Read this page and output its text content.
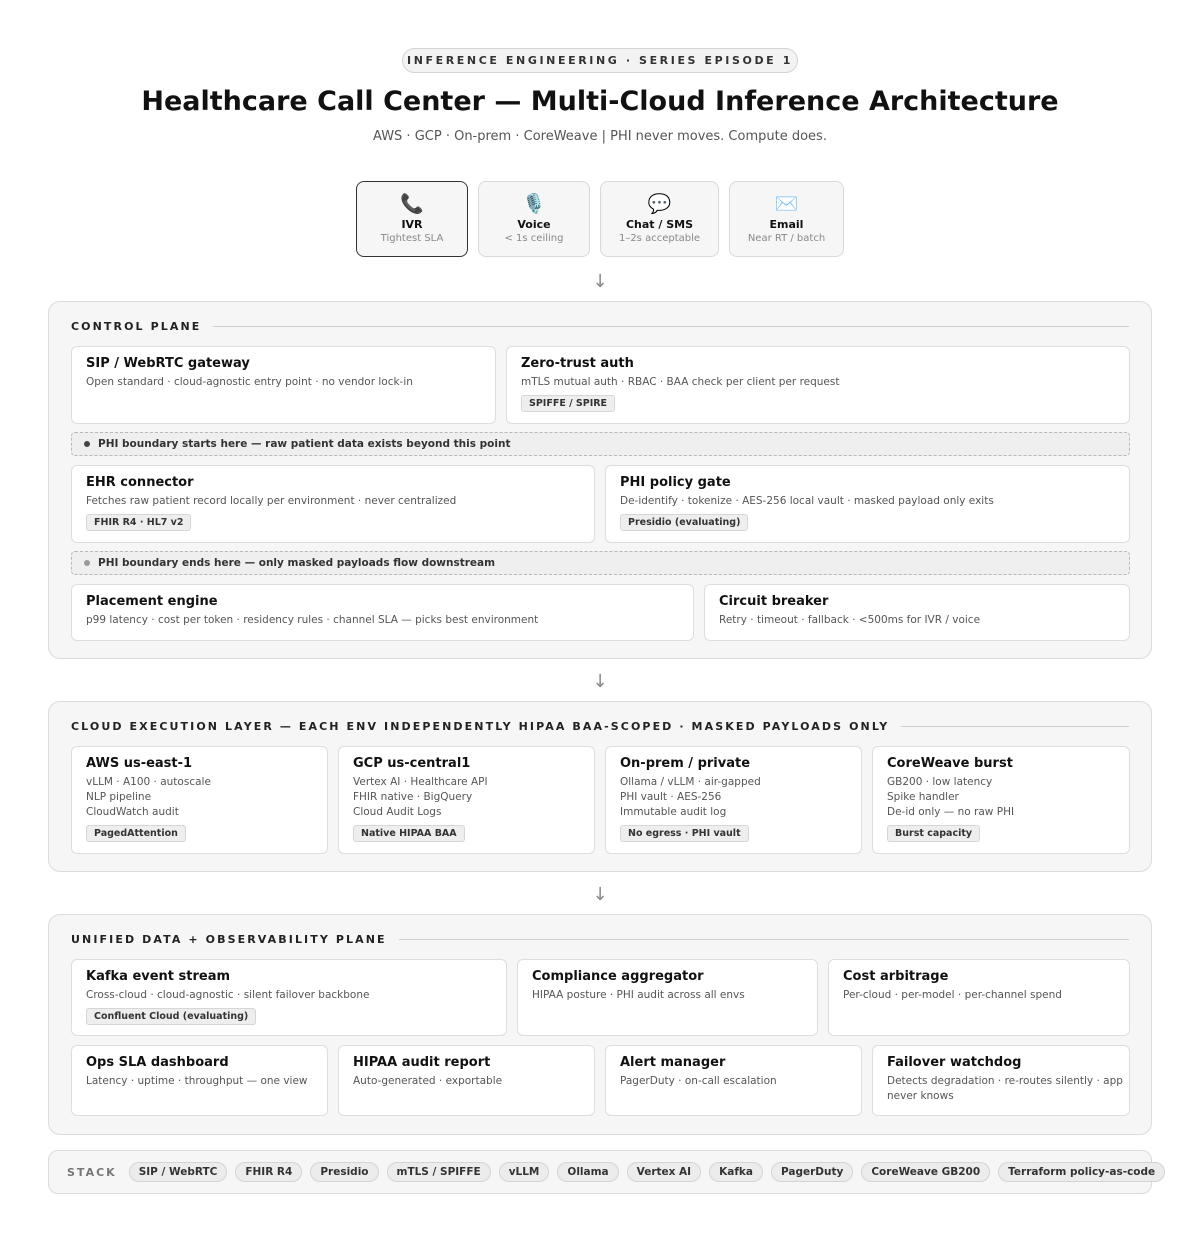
INFERENCE ENGINEERING · SERIES EPISODE 1
Healthcare Call Center — Multi-Cloud Inference Architecture
AWS · GCP · On-prem · CoreWeave | PHI never moves. Compute does.
📞
IVR
Tightest SLA
🎙️
Voice
< 1s ceiling
💬
Chat / SMS
1–2s acceptable
✉️
Email
Near RT / batch
↓
CONTROL PLANE
SIP / WebRTC gateway
Open standard · cloud-agnostic entry point · no vendor lock-in
Zero-trust auth
mTLS mutual auth · RBAC · BAA check per client per request
SPIFFE / SPIRE
PHI boundary starts here — raw patient data exists beyond this point
EHR connector
Fetches raw patient record locally per environment · never centralized
FHIR R4 · HL7 v2
PHI policy gate
De-identify · tokenize · AES-256 local vault · masked payload only exits
Presidio (evaluating)
PHI boundary ends here — only masked payloads flow downstream
Placement engine
p99 latency · cost per token · residency rules · channel SLA — picks best environment
Circuit breaker
Retry · timeout · fallback · <500ms for IVR / voice
↓
CLOUD EXECUTION LAYER — EACH ENV INDEPENDENTLY HIPAA BAA-SCOPED · MASKED PAYLOADS ONLY
AWS us-east-1
vLLM · A100 · autoscale
NLP pipeline
CloudWatch audit
PagedAttention
GCP us-central1
Vertex AI · Healthcare API
FHIR native · BigQuery
Cloud Audit Logs
Native HIPAA BAA
On-prem / private
Ollama / vLLM · air-gapped
PHI vault · AES-256
Immutable audit log
No egress · PHI vault
CoreWeave burst
GB200 · low latency
Spike handler
De-id only — no raw PHI
Burst capacity
↓
UNIFIED DATA + OBSERVABILITY PLANE
Kafka event stream
Cross-cloud · cloud-agnostic · silent failover backbone
Confluent Cloud (evaluating)
Compliance aggregator
HIPAA posture · PHI audit across all envs
Cost arbitrage
Per-cloud · per-model · per-channel spend
Ops SLA dashboard
Latency · uptime · throughput — one view
HIPAA audit report
Auto-generated · exportable
Alert manager
PagerDuty · on-call escalation
Failover watchdog
Detects degradation · re-routes silently · app
never knows
STACK	SIP / WebRTC	FHIR R4	Presidio	mTLS / SPIFFE	vLLM	Ollama	Vertex AI	Kafka	PagerDuty	CoreWeave GB200	Terraform policy-as-code
